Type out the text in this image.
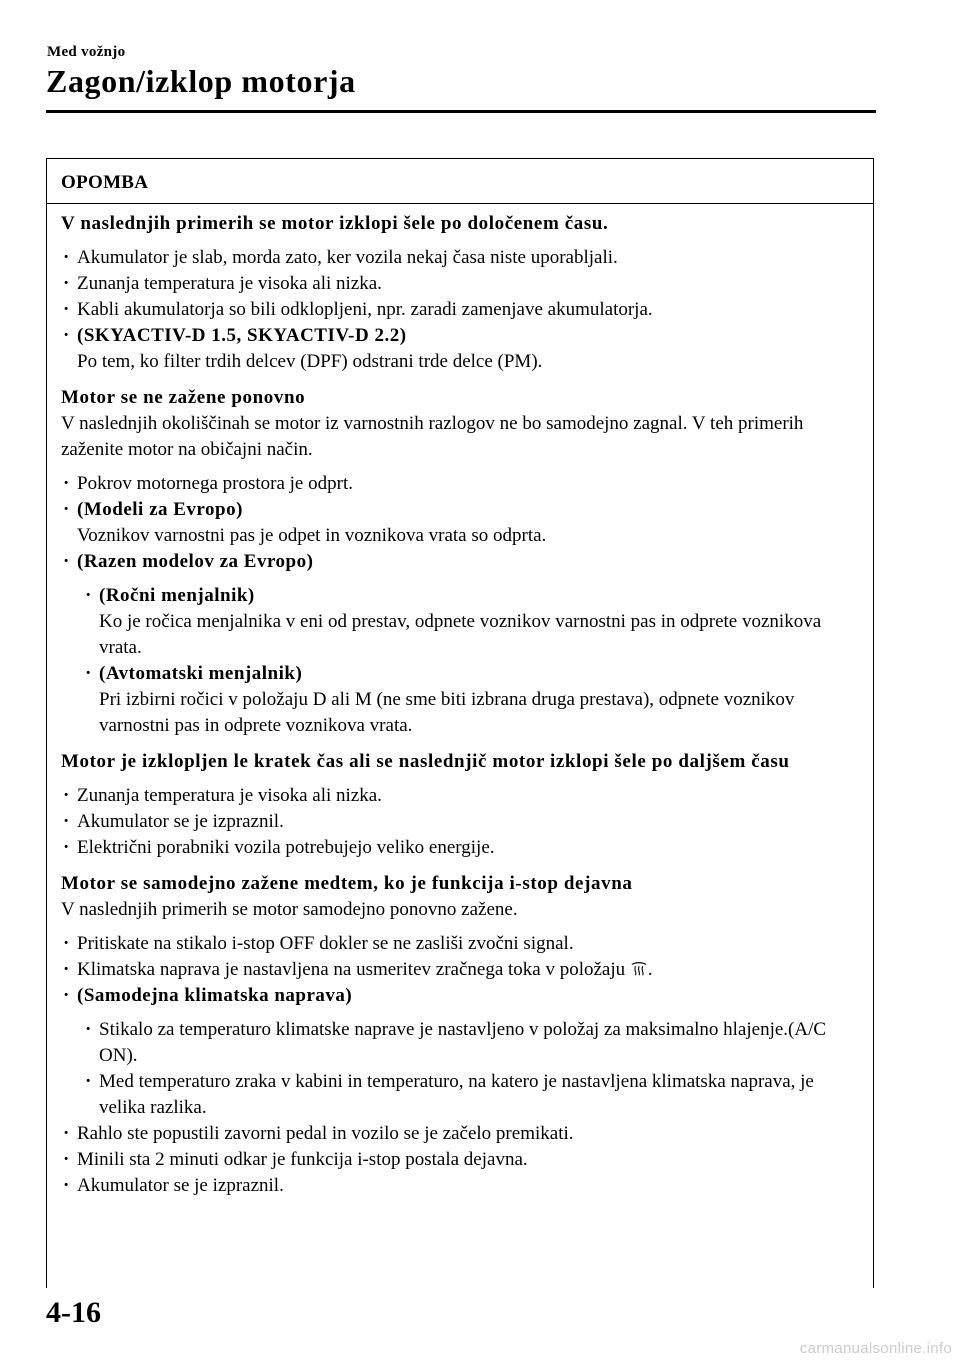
Med vožnjo
Zagon/izklop motorja
OPOMBA

V naslednjih primerih se motor izklopi šele po določenem času.

· Akumulator je slab, morda zato, ker vozila nekaj časa niste uporabljali.
· Zunanja temperatura je visoka ali nizka.
· Kabli akumulatorja so bili odklopljeni, npr. zaradi zamenjave akumulatorja.
· (SKYACTIV-D 1.5, SKYACTIV-D 2.2)
Po tem, ko filter trdih delcev (DPF) odstrani trde delce (PM).

Motor se ne zažene ponovno

V naslednjih okoliščinah se motor iz varnostnih razlogov ne bo samodejno zagnal. V teh primerih zaženite motor na običajni način.

· Pokrov motornega prostora je odprt.
· (Modeli za Evropo)
Voznikov varnostni pas je odpet in voznikova vrata so odprta.
· (Razen modelov za Evropo)
· (Ročni menjalnik)
Ko je ročica menjalnika v eni od prestav, odpnete voznikov varnostni pas in odprete voznikova vrata.
· (Avtomatski menjalnik)
Pri izbirni ročici v položaju D ali M (ne sme biti izbrana druga prestava), odpnete voznikov varnostni pas in odprete voznikova vrata.

Motor je izklopljen le kratek čas ali se naslednjič motor izklopi šele po daljšem času

· Zunanja temperatura je visoka ali nizka.
· Akumulator se je izpraznil.
· Električni porabniki vozila potrebujejo veliko energije.

Motor se samodejno zažene medtem, ko je funkcija i-stop dejavna

V naslednjih primerih se motor samodejno ponovno zažene.

· Pritiskate na stikalo i-stop OFF dokler se ne zasliši zvočni signal.
· Klimatska naprava je nastavljena na usmeritev zračnega toka v položaju .
· (Samodejna klimatska naprava)
· Stikalo za temperaturo klimatske naprave je nastavljeno v položaj za maksimalno hlajenje.(A/C ON).
· Med temperaturo zraka v kabini in temperaturo, na katero je nastavljena klimatska naprava, je velika razlika.
· Rahlo ste popustili zavorni pedal in vozilo se je začelo premikati.
· Minili sta 2 minuti odkar je funkcija i-stop postala dejavna.
· Akumulator se je izpraznil.
4-16
carmanualsonline.info
